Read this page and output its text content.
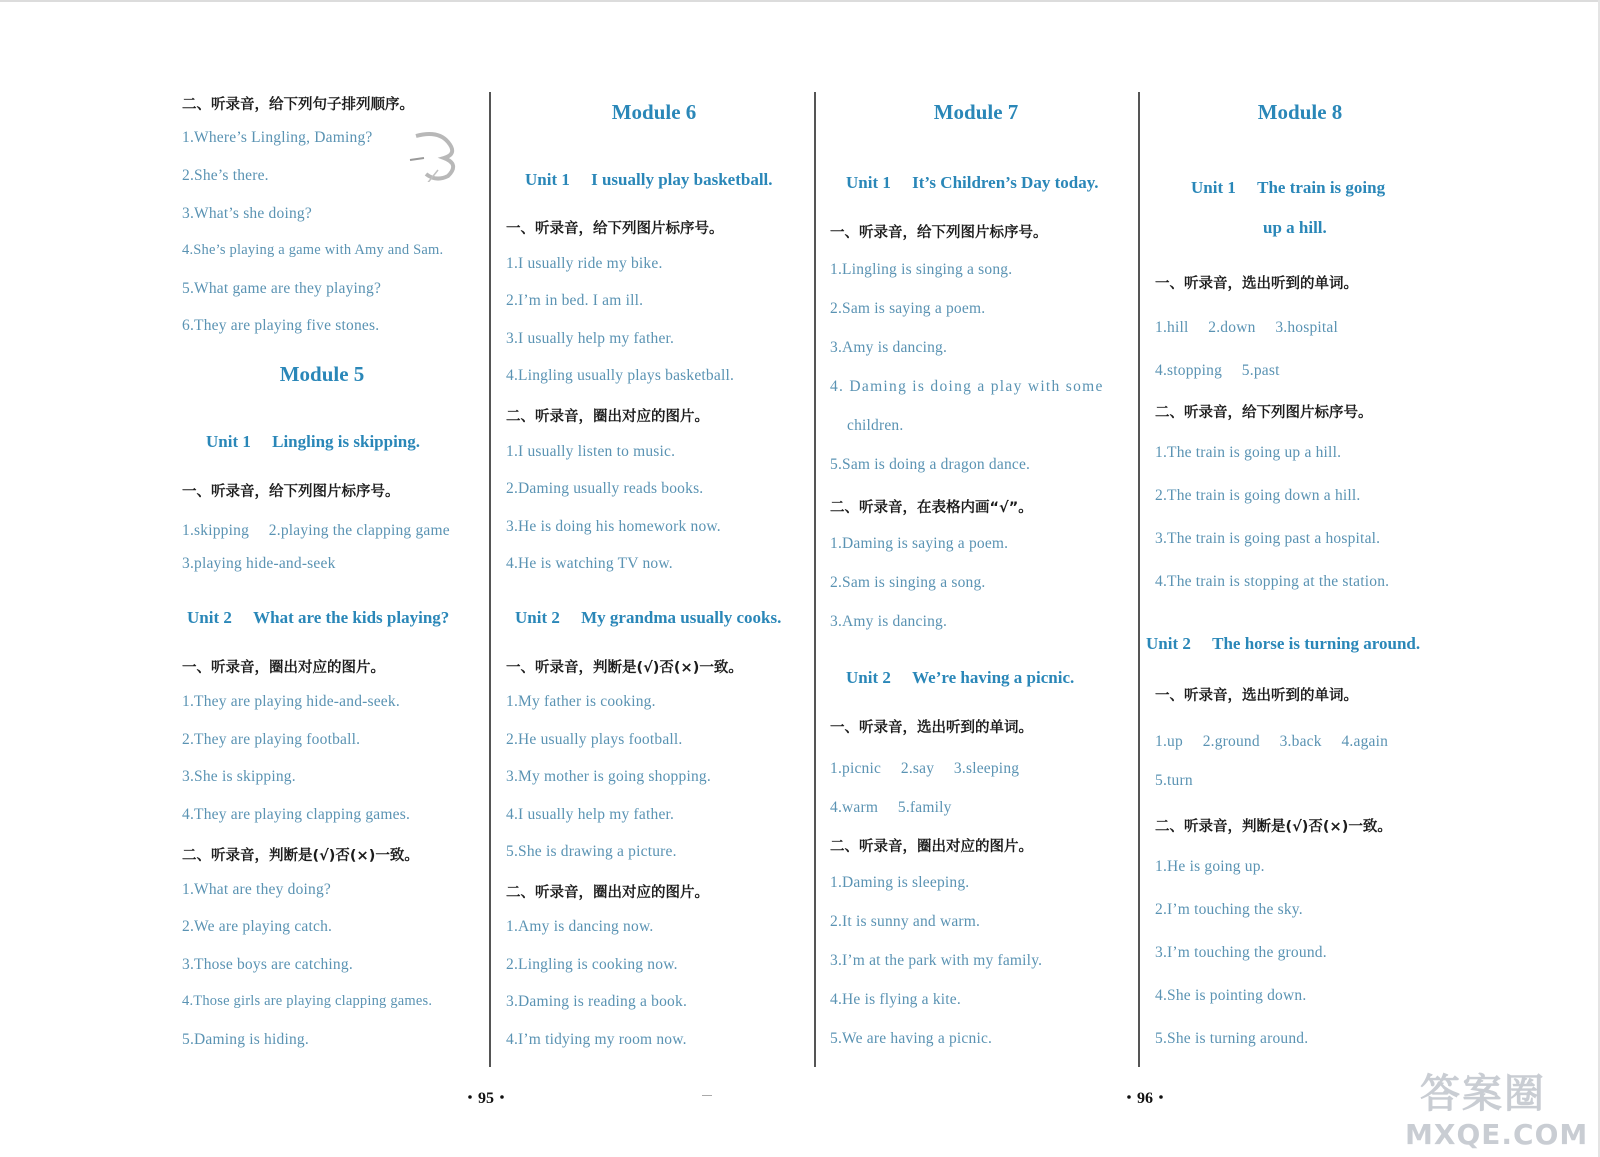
二、听录音，给下列句子排列顺序。
1.Where’s Lingling, Daming?
2.She’s there.
3.What’s she doing?
4.She’s playing a game with Amy and Sam.
5.What game are they playing?
6.They are playing five stones.
Module 5
Unit 1 　Lingling is skipping.
一、听录音，给下列图片标序号。
1.skipping　 2.playing the clapping game
3.playing hide-and-seek
Unit 2 　What are the kids playing?
一、听录音，圈出对应的图片。
1.They are playing hide-and-seek.
2.They are playing football.
3.She is skipping.
4.They are playing clapping games.
二、听录音，判断是(√)否(×)一致。
1.What are they doing?
2.We are playing catch.
3.Those boys are catching.
4.Those girls are playing clapping games.
5.Daming is hiding.
Module 6
Unit 1 　I usually play basketball.
一、听录音，给下列图片标序号。
1.I usually ride my bike.
2.I’m in bed. I am ill.
3.I usually help my father.
4.Lingling usually plays basketball.
二、听录音，圈出对应的图片。
1.I usually listen to music.
2.Daming usually reads books.
3.He is doing his homework now.
4.He is watching TV now.
Unit 2 　My grandma usually cooks.
一、听录音，判断是(√)否(×)一致。
1.My father is cooking.
2.He usually plays football.
3.My mother is going shopping.
4.I usually help my father.
5.She is drawing a picture.
二、听录音，圈出对应的图片。
1.Amy is dancing now.
2.Lingling is cooking now.
3.Daming is reading a book.
4.I’m tidying my room now.
Module 7
Unit 1 　It’s Children’s Day today.
一、听录音，给下列图片标序号。
1.Lingling is singing a song.
2.Sam is saying a poem.
3.Amy is dancing.
4. Daming is doing a play with some
children.
5.Sam is doing a dragon dance.
二、听录音，在表格内画“√”。
1.Daming is saying a poem.
2.Sam is singing a song.
3.Amy is dancing.
Unit 2 　We’re having a picnic.
一、听录音，选出听到的单词。
1.picnic　 2.say　 3.sleeping
4.warm　 5.family
二、听录音，圈出对应的图片。
1.Daming is sleeping.
2.It is sunny and warm.
3.I’m at the park with my family.
4.He is flying a kite.
5.We are having a picnic.
Module 8
Unit 1 　The train is going
up a hill.
一、听录音，选出听到的单词。
1.hill　 2.down　 3.hospital
4.stopping　 5.past
二、听录音，给下列图片标序号。
1.The train is going up a hill.
2.The train is going down a hill.
3.The train is going past a hospital.
4.The train is stopping at the station.
Unit 2 　The horse is turning around.
一、听录音，选出听到的单词。
1.up　 2.ground　 3.back　 4.again
5.turn
二、听录音，判断是(√)否(×)一致。
1.He is going up.
2.I’m touching the sky.
3.I’m touching the ground.
4.She is pointing down.
5.She is turning around.
・95・	・96・	答案圈
MXQE.COM
